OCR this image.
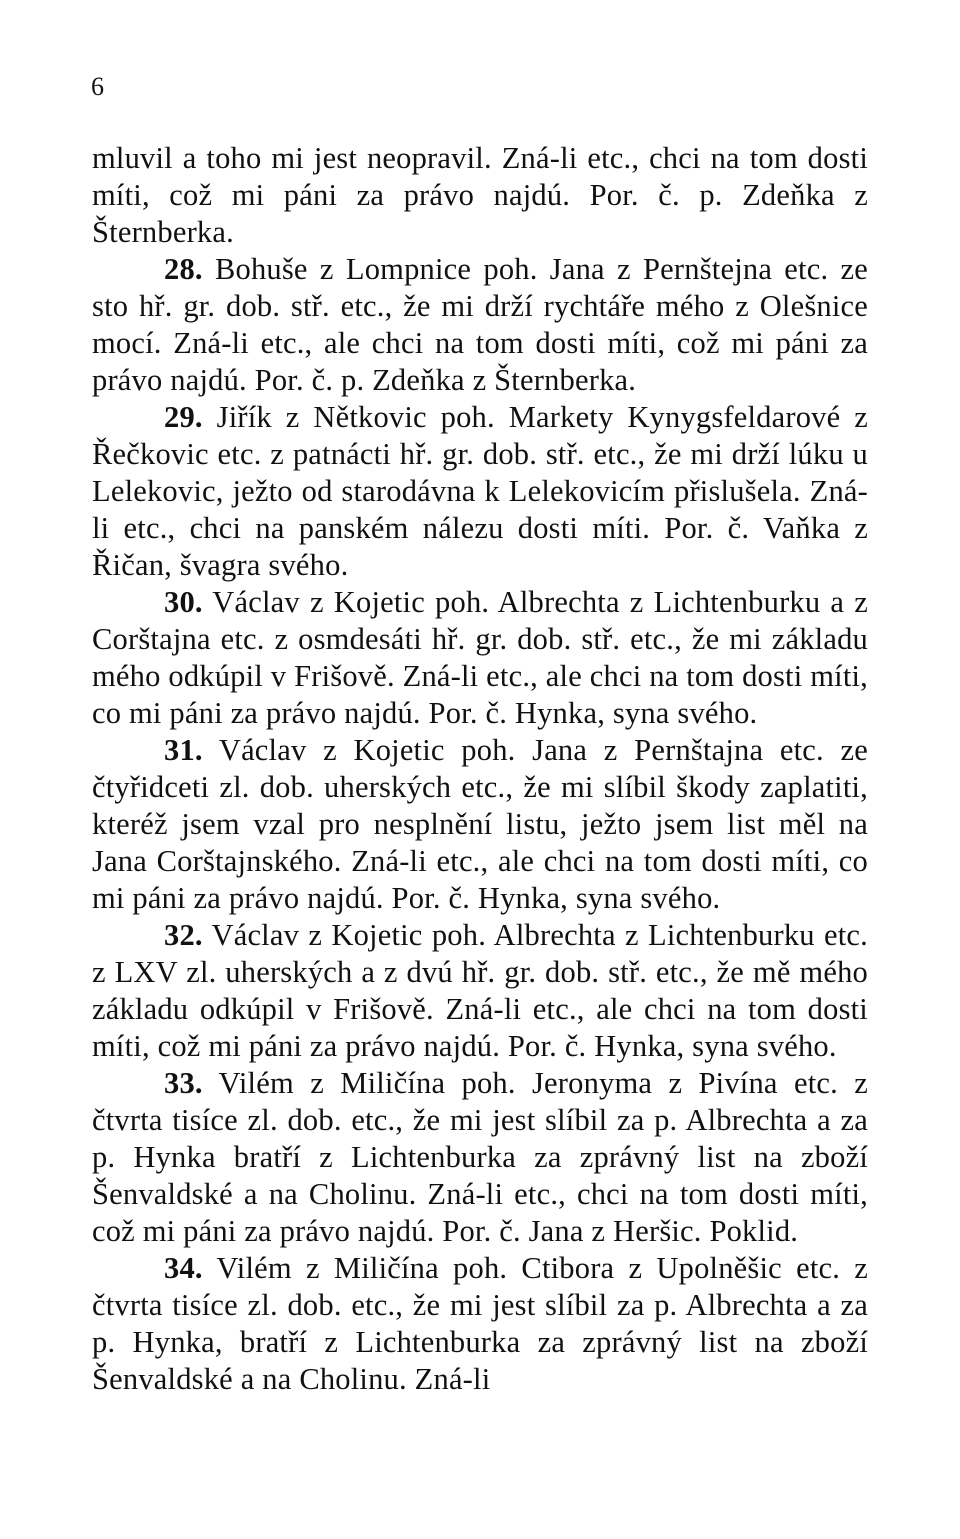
6

mluvil a toho mi jest neopravil. Zná-li etc., chci na tom dosti míti, což mi páni za právo najdú. Por. č. p. Zdeňka z Šternberka.

28. Bohuše z Lompnice poh. Jana z Pernštejna etc. ze sto hř. gr. dob. stř. etc., že mi drží rychtáře mého z Olešnice mocí. Zná-li etc., ale chci na tom dosti míti, což mi páni za právo najdú. Por. č. p. Zdeňka z Šternberka.

29. Jiřík z Nětkovic poh. Markety Kynygsfeldarové z Řečkovic etc. z patnácti hř. gr. dob. stř. etc., že mi drží lúku u Lelekovic, ježto od starodávna k Lelekovicím přislušela. Zná-li etc., chci na panském nálezu dosti míti. Por. č. Vaňka z Řičan, švagra svého.

30. Václav z Kojetic poh. Albrechta z Lichtenburku a z Corštajna etc. z osmdesáti hř. gr. dob. stř. etc., že mi základu mého odkúpil v Frišově. Zná-li etc., ale chci na tom dosti míti, co mi páni za právo najdú. Por. č. Hynka, syna svého.

31. Václav z Kojetic poh. Jana z Pernštajna etc. ze čtyřidceti zl. dob. uherských etc., že mi slíbil škody zaplatiti, kteréž jsem vzal pro nesplnění listu, ježto jsem list měl na Jana Corštajnského. Zná-li etc., ale chci na tom dosti míti, co mi páni za právo najdú. Por. č. Hynka, syna svého.

32. Václav z Kojetic poh. Albrechta z Lichtenburku etc. z LXV zl. uherských a z dvú hř. gr. dob. stř. etc., že mě mého základu odkúpil v Frišově. Zná-li etc., ale chci na tom dosti míti, což mi páni za právo najdú. Por. č. Hynka, syna svého.

33. Vilém z Miličína poh. Jeronyma z Pivína etc. z čtvrta tisíce zl. dob. etc., že mi jest slíbil za p. Albrechta a za p. Hynka bratří z Lichtenburka za zprávný list na zboží Šenvaldské a na Cholinu. Zná-li etc., chci na tom dosti míti, což mi páni za právo najdú. Por. č. Jana z Heršic. Poklid.

34. Vilém z Miličína poh. Ctibora z Upolněšic etc. z čtvrta tisíce zl. dob. etc., že mi jest slíbil za p. Albrechta a za p. Hynka, bratří z Lichtenburka za zprávný list na zboží Šenvaldské a na Cholinu. Zná-li
